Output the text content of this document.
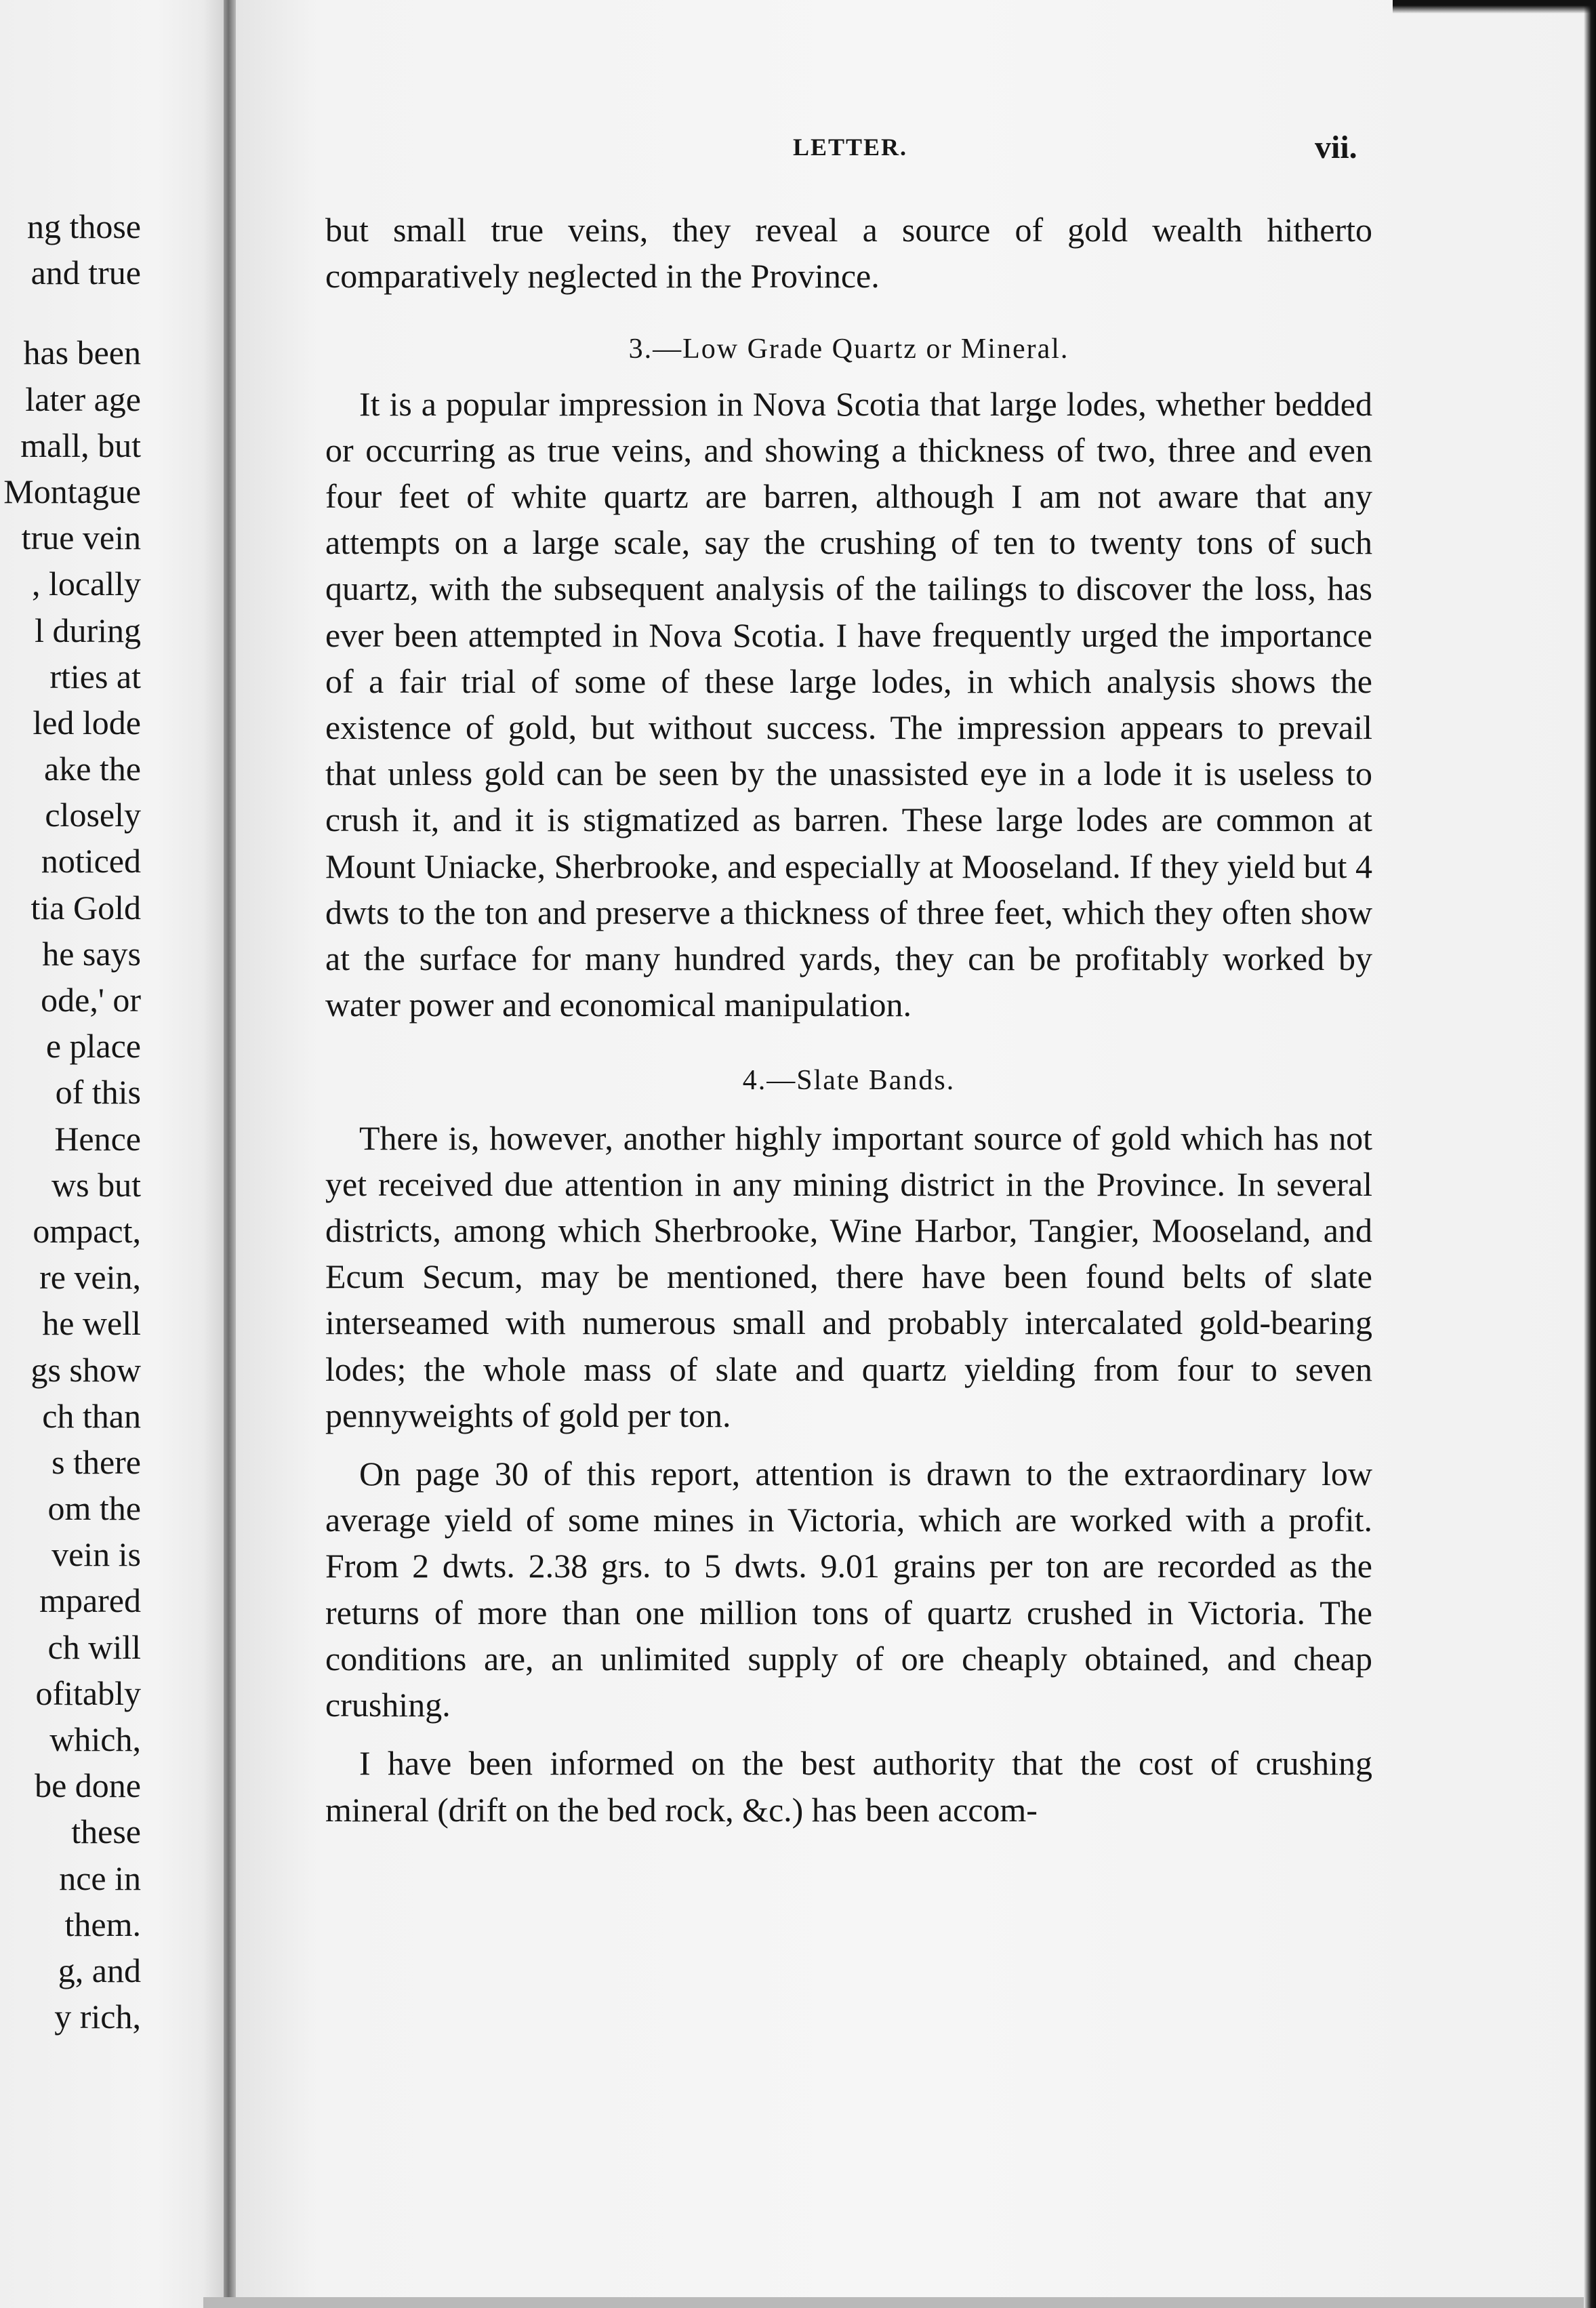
ng those
and true
has been
later age
mall, but
Montague
true vein
, locally
l during
rties at
led lode
ake the
closely
noticed
tia Gold
he says
ode,' or
e place
of this
Hence
ws but
ompact,
re vein,
he well
gs show
ch than
s there
om the
vein is
mpared
ch will
ofitably
which,
be done
these
nce in
them.
g, and
y rich,
LETTER.	vii.

but small true veins, they reveal a source of gold wealth hitherto comparatively neglected in the Province.

3.—Low Grade Quartz or Mineral.

It is a popular impression in Nova Scotia that large lodes, whether bedded or occurring as true veins, and showing a thickness of two, three and even four feet of white quartz are barren, although I am not aware that any attempts on a large scale, say the crushing of ten to twenty tons of such quartz, with the subsequent analysis of the tailings to discover the loss, has ever been attempted in Nova Scotia. I have frequently urged the importance of a fair trial of some of these large lodes, in which analysis shows the existence of gold, but without success. The impression appears to prevail that unless gold can be seen by the unassisted eye in a lode it is useless to crush it, and it is stigmatized as barren. These large lodes are common at Mount Uniacke, Sherbrooke, and especially at Mooseland. If they yield but 4 dwts to the ton and preserve a thickness of three feet, which they often show at the surface for many hundred yards, they can be profitably worked by water power and economical manipulation.

4.—Slate Bands.

There is, however, another highly important source of gold which has not yet received due attention in any mining district in the Province. In several districts, among which Sherbrooke, Wine Harbor, Tangier, Mooseland, and Ecum Secum, may be mentioned, there have been found belts of slate interseamed with numerous small and probably intercalated gold-bearing lodes; the whole mass of slate and quartz yielding from four to seven pennyweights of gold per ton.

On page 30 of this report, attention is drawn to the extraordinary low average yield of some mines in Victoria, which are worked with a profit. From 2 dwts. 2.38 grs. to 5 dwts. 9.01 grains per ton are recorded as the returns of more than one million tons of quartz crushed in Victoria. The conditions are, an unlimited supply of ore cheaply obtained, and cheap crushing.

I have been informed on the best authority that the cost of crushing mineral (drift on the bed rock, &c.) has been accom-
